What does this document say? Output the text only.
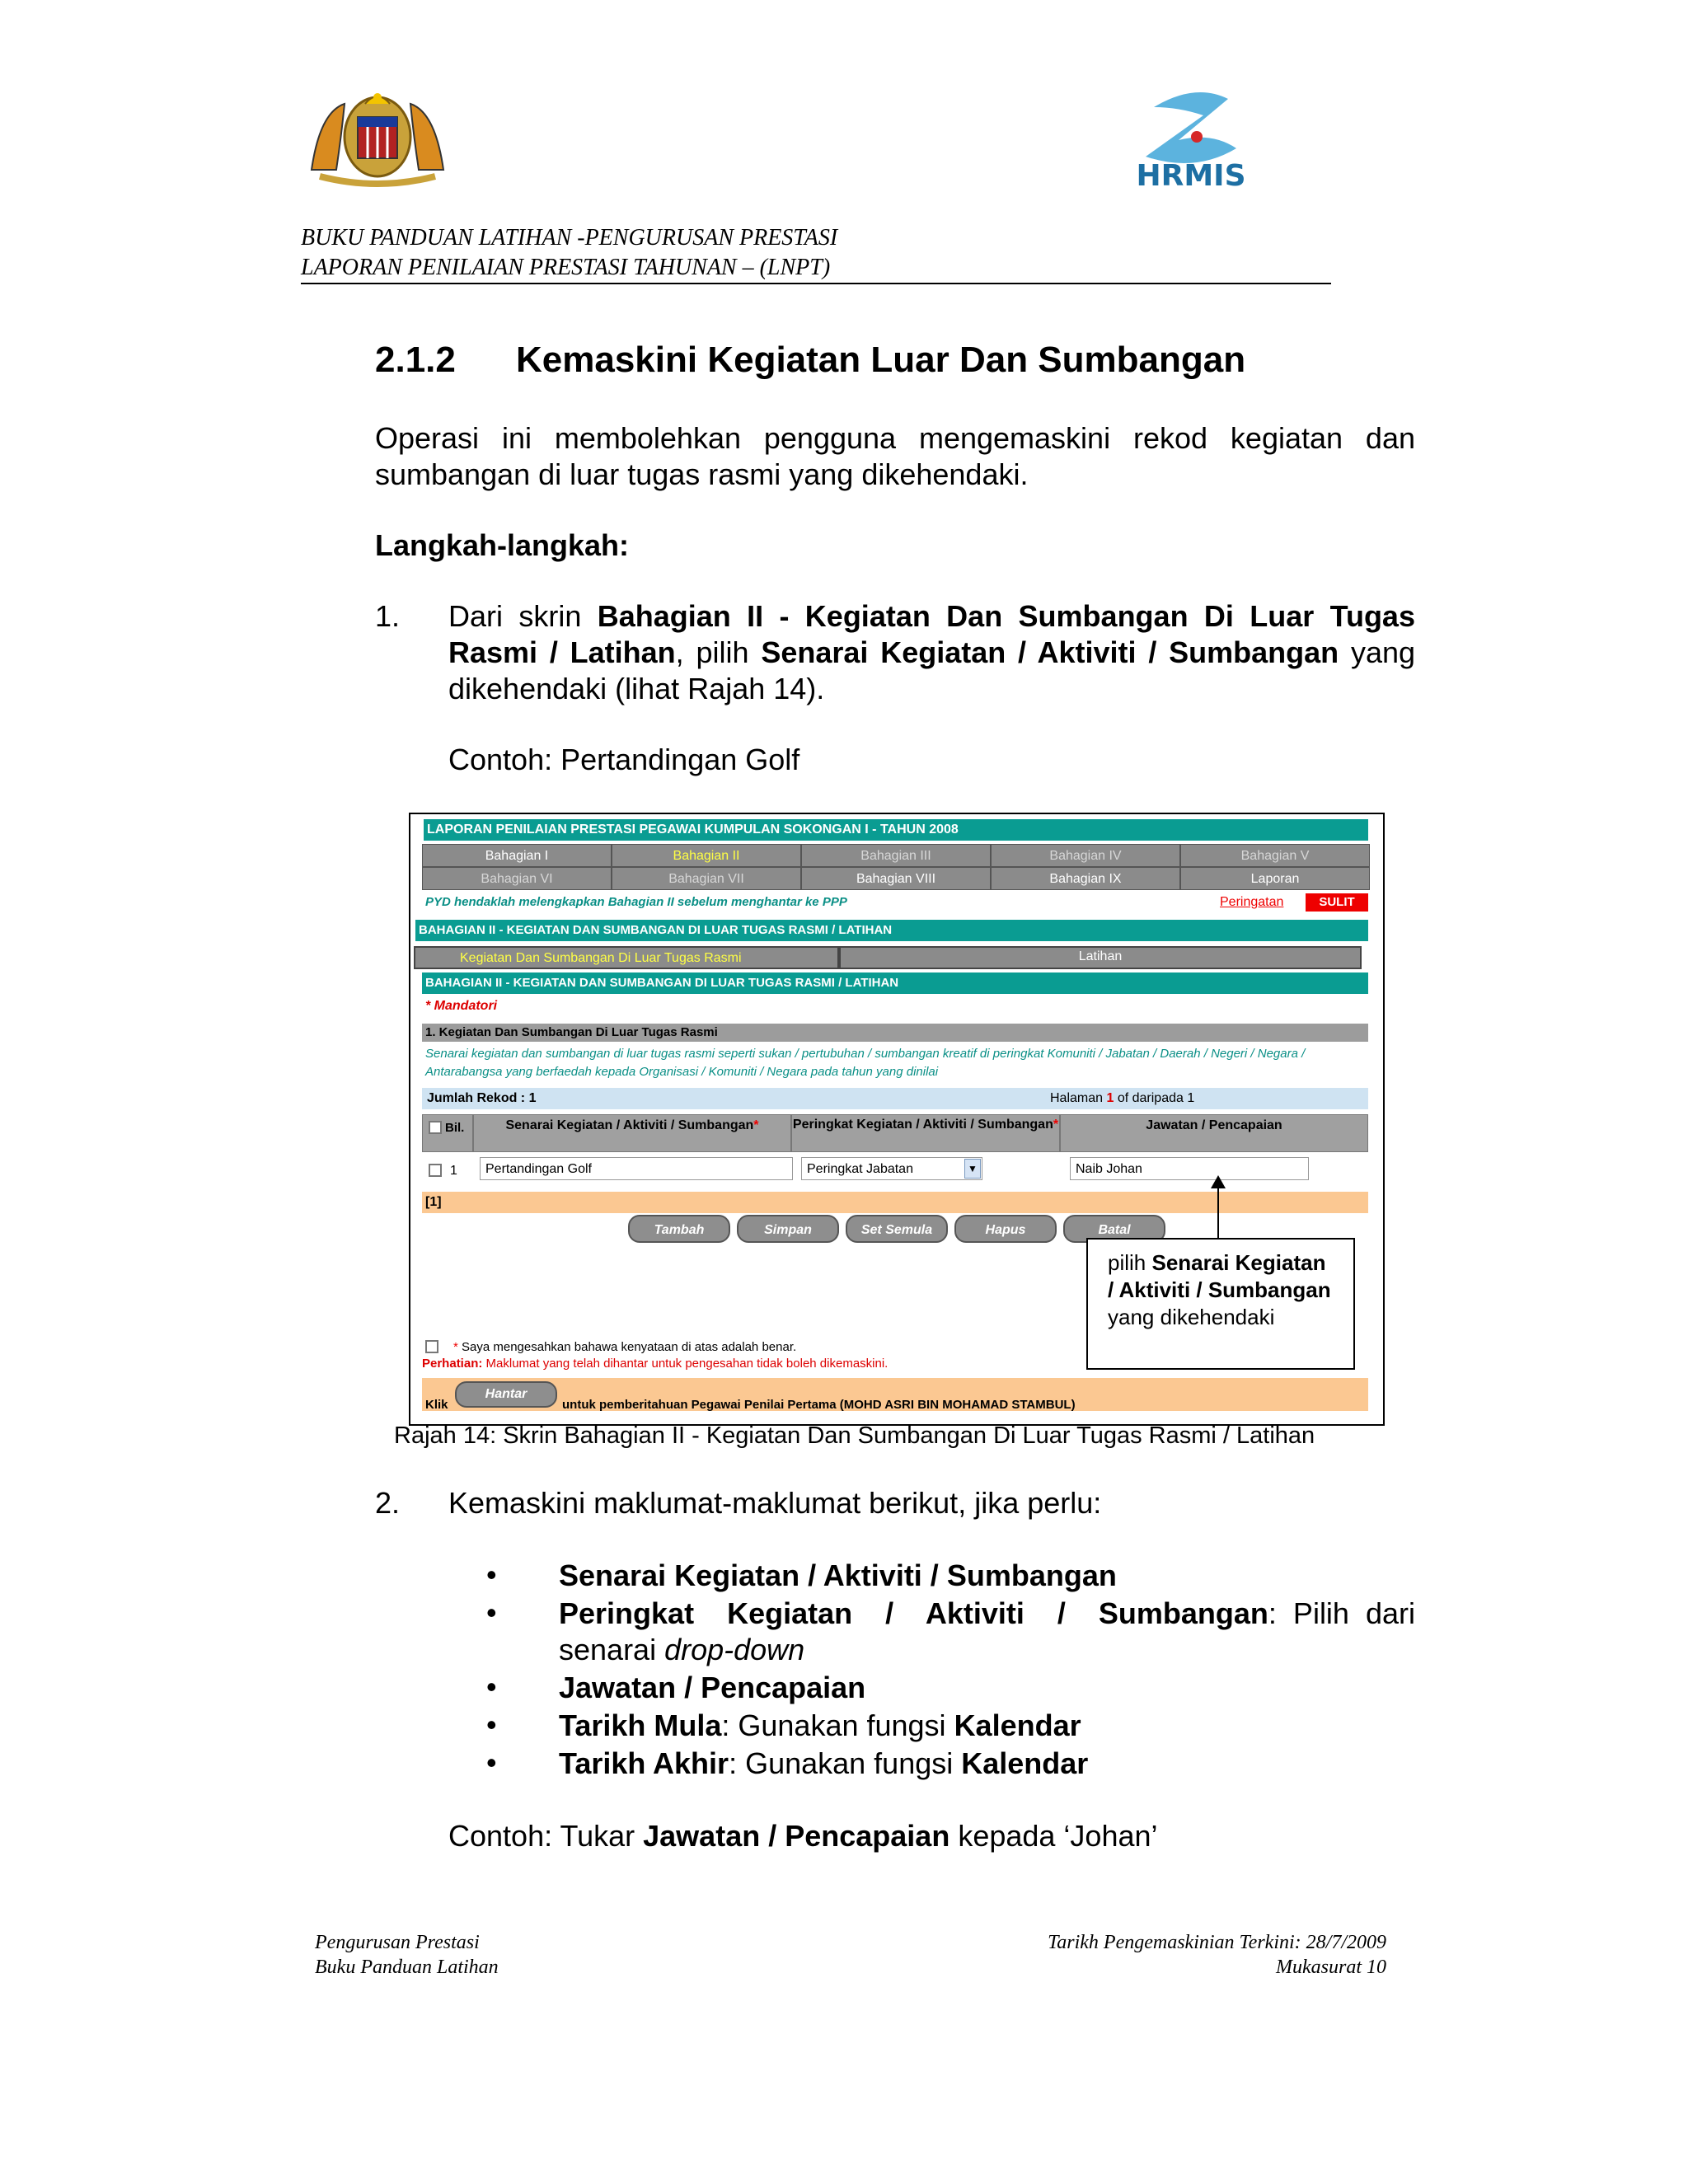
HRMIS
BUKU PANDUAN LATIHAN -PENGURUSAN PRESTASI
LAPORAN PENILAIAN PRESTASI TAHUNAN – (LNPT)
2.1.2 Kemaskini Kegiatan Luar Dan Sumbangan
Operasi ini membolehkan pengguna mengemaskini rekod kegiatan dan sumbangan di luar tugas rasmi yang dikehendaki.
Langkah-langkah:
1. Dari skrin Bahagian II - Kegiatan Dan Sumbangan Di Luar Tugas Rasmi / Latihan, pilih Senarai Kegiatan / Aktiviti / Sumbangan yang dikehendaki (lihat Rajah 14).
Contoh: Pertandingan Golf
LAPORAN PENILAIAN PRESTASI PEGAWAI KUMPULAN SOKONGAN I - TAHUN 2008
PYD hendaklah melengkapkan Bahagian II sebelum menghantar ke PPP	Peringatan	SULIT
BAHAGIAN II - KEGIATAN DAN SUMBANGAN DI LUAR TUGAS RASMI / LATIHAN
Kegiatan Dan Sumbangan Di Luar Tugas Rasmi	Latihan
BAHAGIAN II - KEGIATAN DAN SUMBANGAN DI LUAR TUGAS RASMI / LATIHAN
* Mandatori
1. Kegiatan Dan Sumbangan Di Luar Tugas Rasmi
Senarai kegiatan dan sumbangan di luar tugas rasmi seperti sukan / pertubuhan / sumbangan kreatif di peringkat Komuniti / Jabatan / Daerah / Negeri / Negara / Antarabangsa yang berfaedah kepada Organisasi / Komuniti / Negara pada tahun yang dinilai
Jumlah Rekod : 1	Halaman 1 of daripada 1
Bil.	Senarai Kegiatan / Aktiviti / Sumbangan*	Peringkat Kegiatan / Aktiviti / Sumbangan*	Jawatan / Pencapaian
1	Pertandingan Golf	Peringkat Jabatan	▼	Naib Johan
[1]
Tambah	Simpan	Set Semula	Hapus	Batal
pilih Senarai Kegiatan / Aktiviti / Sumbangan yang dikehendaki
* Saya mengesahkan bahawa kenyataan di atas adalah benar.
Perhatian: Maklumat yang telah dihantar untuk pengesahan tidak boleh dikemaskini.
Klik
Hantar
untuk pemberitahuan Pegawai Penilai Pertama (MOHD ASRI BIN MOHAMAD STAMBUL)
Bahagian I	Bahagian II	Bahagian III	Bahagian IV	Bahagian V
Bahagian VI	Bahagian VII	Bahagian VIII	Bahagian IX	Laporan
Rajah 14: Skrin Bahagian II - Kegiatan Dan Sumbangan Di Luar Tugas Rasmi / Latihan
2. Kemaskini maklumat-maklumat berikut, jika perlu:
• Senarai Kegiatan / Aktiviti / Sumbangan
• Peringkat Kegiatan / Aktiviti / Sumbangan: Pilih dari senarai drop-down
• Jawatan / Pencapaian
• Tarikh Mula: Gunakan fungsi Kalendar
• Tarikh Akhir: Gunakan fungsi Kalendar
Contoh: Tukar Jawatan / Pencapaian kepada ‘Johan’
Pengurusan Prestasi
Buku Panduan Latihan
Tarikh Pengemaskinian Terkini: 28/7/2009
Mukasurat 10
